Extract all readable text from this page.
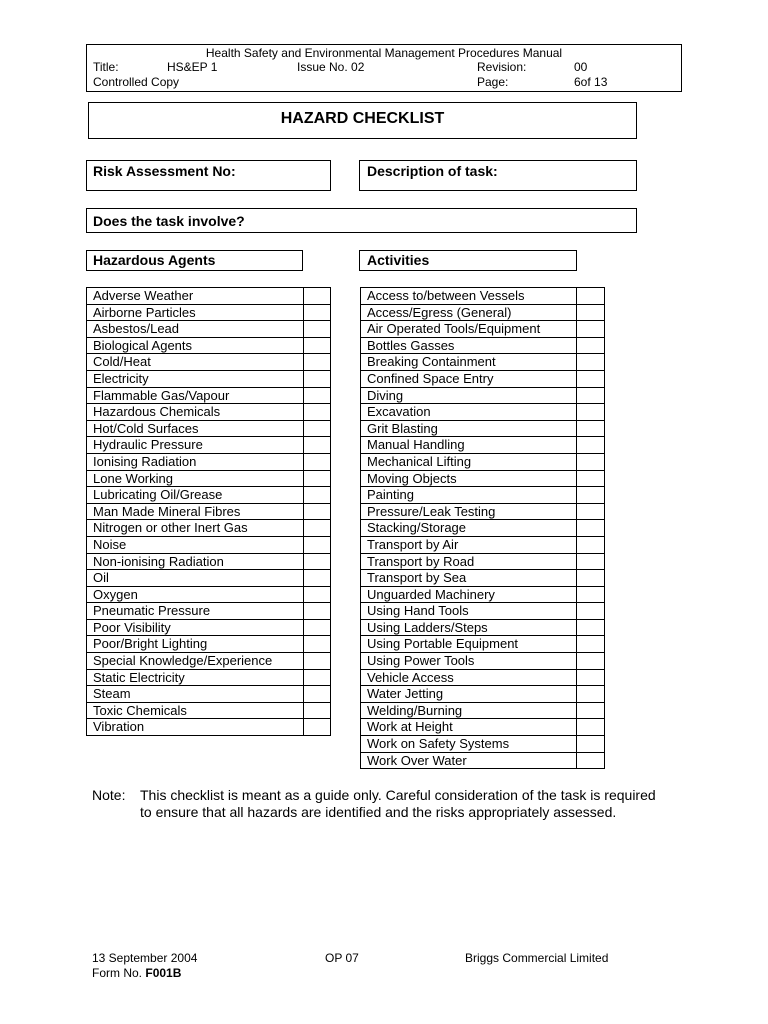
Health Safety and Environmental Management Procedures Manual
Title:	HS&EP 1	Issue No. 02	Revision:	00
Controlled Copy	Page:	6of 13
HAZARD CHECKLIST
Risk Assessment No:	Description of task:
Does the task involve?
Hazardous Agents	Activities
Adverse Weather	
Airborne Particles	
Asbestos/Lead	
Biological Agents	
Cold/Heat	
Electricity	
Flammable Gas/Vapour	
Hazardous Chemicals	
Hot/Cold Surfaces	
Hydraulic Pressure	
Ionising Radiation	
Lone Working	
Lubricating Oil/Grease	
Man Made Mineral Fibres	
Nitrogen or other Inert Gas	
Noise	
Non-ionising Radiation	
Oil	
Oxygen	
Pneumatic Pressure	
Poor Visibility	
Poor/Bright Lighting	
Special Knowledge/Experience	
Static Electricity	
Steam	
Toxic Chemicals	
Vibration	
Access to/between Vessels	
Access/Egress (General)	
Air Operated Tools/Equipment	
Bottles Gasses	
Breaking Containment	
Confined Space Entry	
Diving	
Excavation	
Grit Blasting	
Manual Handling	
Mechanical Lifting	
Moving Objects	
Painting	
Pressure/Leak Testing	
Stacking/Storage	
Transport by Air	
Transport by Road	
Transport by Sea	
Unguarded Machinery	
Using Hand Tools	
Using Ladders/Steps	
Using Portable Equipment	
Using Power Tools	
Vehicle Access	
Water Jetting	
Welding/Burning	
Work at Height	
Work on Safety Systems	
Work Over Water	
Note: This checklist is meant as a guide only. Careful consideration of the task is required to ensure that all hazards are identified and the risks appropriately assessed.
13 September 2004	OP 07	Briggs Commercial Limited
Form No. F001B
